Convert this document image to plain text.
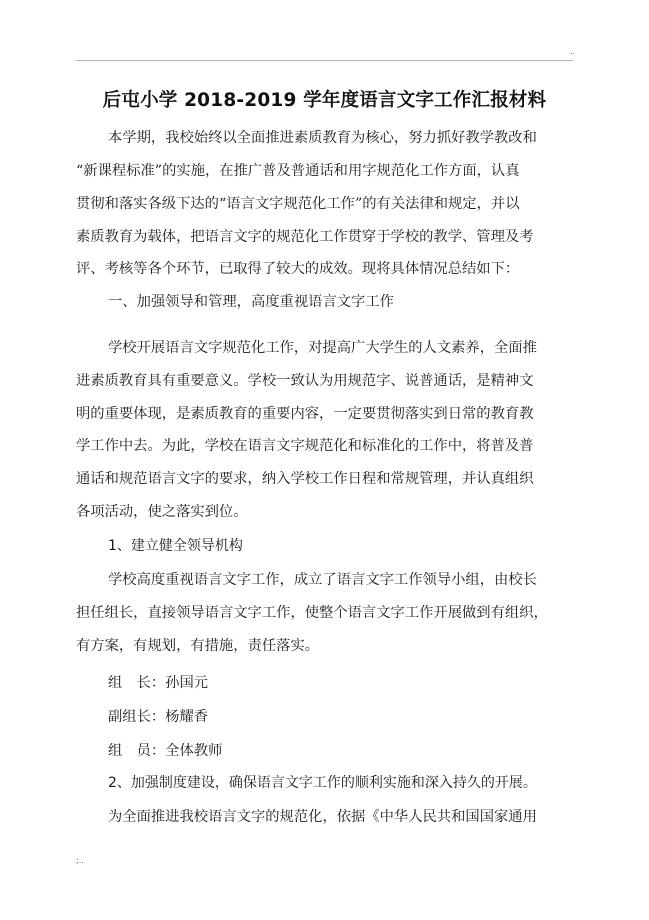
..
后屯小学 2018-2019 学年度语言文字工作汇报材料
本学期，我校始终以全面推进素质教育为核心，努力抓好教学教改和
“新课程标准”的实施，在推广普及普通话和用字规范化工作方面，认真
贯彻和落实各级下达的“语言文字规范化工作”的有关法律和规定，并以
素质教育为载体，把语言文字的规范化工作贯穿于学校的教学、管理及考
评、考核等各个环节，已取得了较大的成效。现将具体情况总结如下：
一、加强领导和管理，高度重视语言文字工作
学校开展语言文字规范化工作，对提高广大学生的人文素养，全面推
进素质教育具有重要意义。学校一致认为用规范字、说普通话，是精神文
明的重要体现，是素质教育的重要内容，一定要贯彻落实到日常的教育教
学工作中去。为此，学校在语言文字规范化和标准化的工作中，将普及普
通话和规范语言文字的要求，纳入学校工作日程和常规管理，并认真组织
各项活动，使之落实到位。
1、建立健全领导机构
学校高度重视语言文字工作，成立了语言文字工作领导小组，由校长
担任组长，直接领导语言文字工作，使整个语言文字工作开展做到有组织，
有方案，有规划，有措施，责任落实。
组　长：孙国元
副组长：杨耀香
组　员：全体教师
2、加强制度建设，确保语言文字工作的顺利实施和深入持久的开展。
为全面推进我校语言文字的规范化，依据《中华人民共和国国家通用
;..
